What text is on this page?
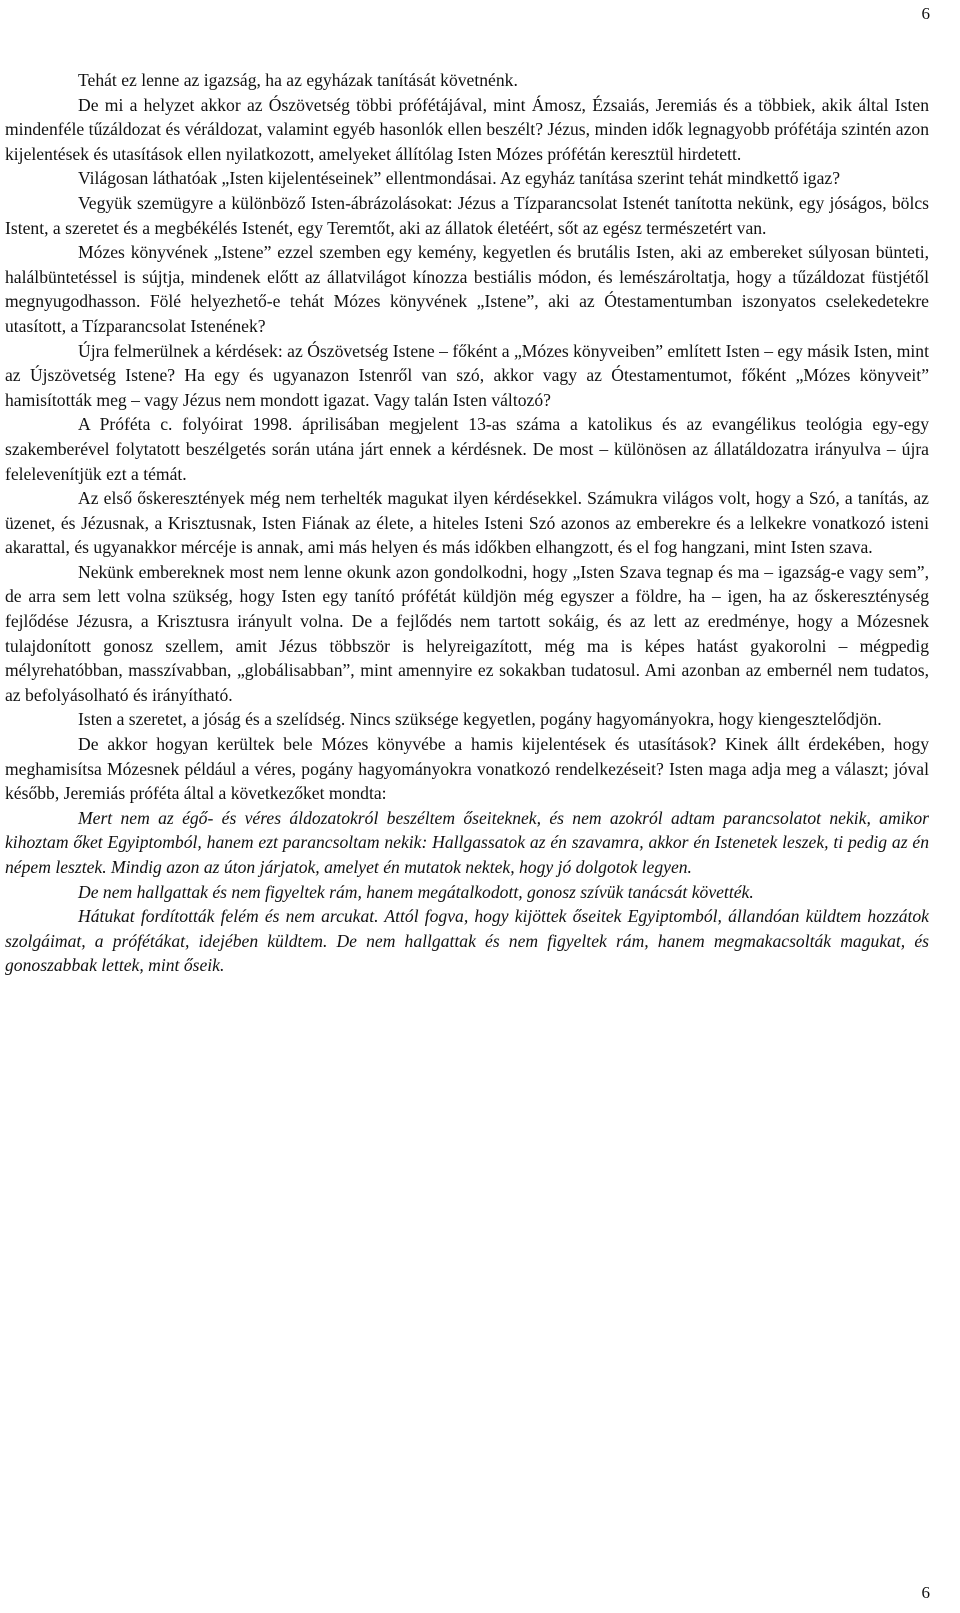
6

Tehát ez lenne az igazság, ha az egyházak tanítását követnénk.

De mi a helyzet akkor az Ószövetség többi prófétájával, mint Ámosz, Ézsaiás, Jeremiás és a többiek, akik által Isten mindenféle tűzáldozat és véráldozat, valamint egyéb hasonlók ellen beszélt? Jézus, minden idők legnagyobb prófétája szintén azon kijelentések és utasítások ellen nyilatkozott, amelyeket állítólag Isten Mózes prófétán keresztül hirdetett.

Világosan láthatóak „Isten kijelentéseinek” ellentmondásai. Az egyház tanítása szerint tehát mindkettő igaz?

Vegyük szemügyre a különböző Isten-ábrázolásokat: Jézus a Tízparancsolat Istenét tanította nekünk, egy jóságos, bölcs Istent, a szeretet és a megbékélés Istenét, egy Teremtőt, aki az állatok életéért, sőt az egész természetért van.

Mózes könyvének „Istene” ezzel szemben egy kemény, kegyetlen és brutális Isten, aki az embereket súlyosan bünteti, halálbüntetéssel is sújtja, mindenek előtt az állatvilágot kínozza bestiális módon, és lemészároltatja, hogy a tűzáldozat füstjétől megnyugodhasson. Fölé helyezhető-e tehát Mózes könyvének „Istene”, aki az Ótestamentumban iszonyatos cselekedetekre utasított, a Tízparancsolat Istenének?

Újra felmerülnek a kérdések: az Ószövetség Istene – főként a „Mózes könyveiben” említett Isten – egy másik Isten, mint az Újszövetség Istene? Ha egy és ugyanazon Istenről van szó, akkor vagy az Ótestamentumot, főként „Mózes könyveit” hamisították meg – vagy Jézus nem mondott igazat. Vagy talán Isten változó?

A Próféta c. folyóirat 1998. áprilisában megjelent 13-as száma a katolikus és az evangélikus teológia egy-egy szakemberével folytatott beszélgetés során utána járt ennek a kérdésnek. De most – különösen az állatáldozatra irányulva – újra felelevenítjük ezt a témát.

Az első őskeresztények még nem terhelték magukat ilyen kérdésekkel. Számukra világos volt, hogy a Szó, a tanítás, az üzenet, és Jézusnak, a Krisztusnak, Isten Fiának az élete, a hiteles Isteni Szó azonos az emberekre és a lelkekre vonatkozó isteni akarattal, és ugyanakkor mércéje is annak, ami más helyen és más időkben elhangzott, és el fog hangzani, mint Isten szava.

Nekünk embereknek most nem lenne okunk azon gondolkodni, hogy „Isten Szava tegnap és ma – igazság-e vagy sem”, de arra sem lett volna szükség, hogy Isten egy tanító prófétát küldjön még egyszer a földre, ha – igen, ha az őskereszténység fejlődése Jézusra, a Krisztusra irányult volna. De a fejlődés nem tartott sokáig, és az lett az eredménye, hogy a Mózesnek tulajdonított gonosz szellem, amit Jézus többször is helyreigazított, még ma is képes hatást gyakorolni – mégpedig mélyrehatóbban, masszívabban, „globálisabban”, mint amennyire ez sokakban tudatosul. Ami azonban az embernél nem tudatos, az befolyásolható és irányítható.

Isten a szeretet, a jóság és a szelídség. Nincs szüksége kegyetlen, pogány hagyományokra, hogy kiengesztelődjön.

De akkor hogyan kerültek bele Mózes könyvébe a hamis kijelentések és utasítások? Kinek állt érdekében, hogy meghamisítsa Mózesnek például a véres, pogány hagyományokra vonatkozó rendelkezéseit? Isten maga adja meg a választ; jóval később, Jeremiás próféta által a következőket mondta:

Mert nem az égő- és véres áldozatokról beszéltem őseiteknek, és nem azokról adtam parancsolatot nekik, amikor kihoztam őket Egyiptomból, hanem ezt parancsoltam nekik: Hallgassatok az én szavamra, akkor én Istenetek leszek, ti pedig az én népem lesztek. Mindig azon az úton járjatok, amelyet én mutatok nektek, hogy jó dolgotok legyen.

De nem hallgattak és nem figyeltek rám, hanem megátalkodott, gonosz szívük tanácsát követték.

Hátukat fordították felém és nem arcukat. Attól fogva, hogy kijöttek őseitek Egyiptomból, állandóan küldtem hozzátok szolgáimat, a prófétákat, idejében küldtem. De nem hallgattak és nem figyeltek rám, hanem megmakacsolták magukat, és gonoszabbak lettek, mint őseik.

6
